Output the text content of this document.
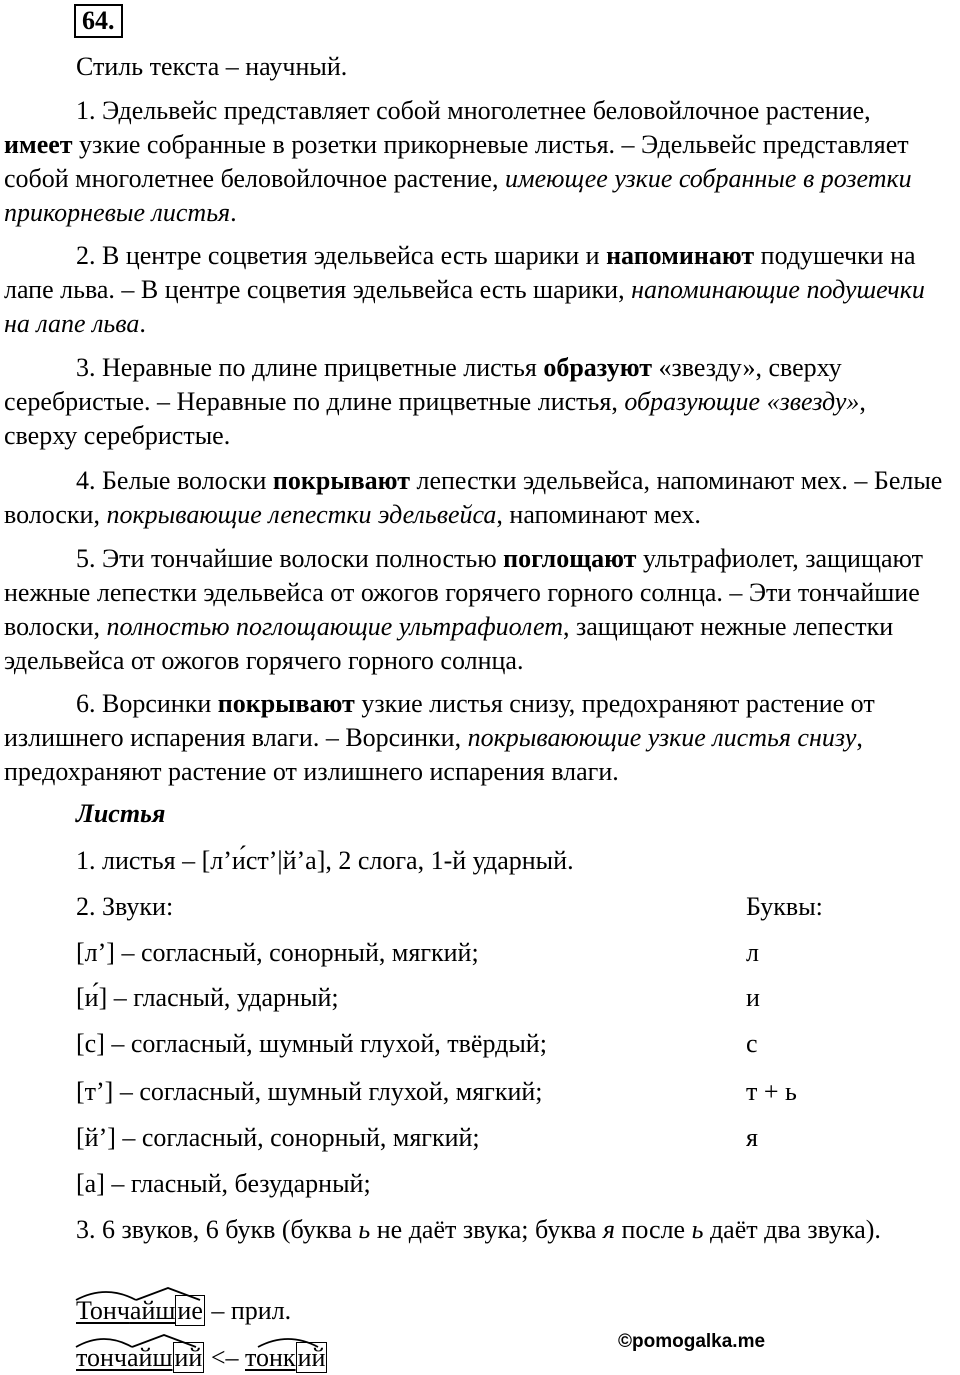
64.
Стиль текста – научный.
1. Эдельвейс представляет собой многолетнее беловойлочное растение, имеет узкие собранные в розетки прикорневые листья. – Эдельвейс представляет собой многолетнее беловойлочное растение, имеющее узкие собранные в розетки прикорневые листья.
2. В центре соцветия эдельвейса есть шарики и напоминают подушечки на лапе льва. – В центре соцветия эдельвейса есть шарики, напоминающие подушечки на лапе льва.
3. Неравные по длине прицветные листья образуют «звезду», сверху серебристые. – Неравные по длине прицветные листья, образующие «звезду», сверху серебристые.
4. Белые волоски покрывают лепестки эдельвейса, напоминают мех. – Белые волоски, покрывающие лепестки эдельвейса, напоминают мех.
5. Эти тончайшие волоски полностью поглощают ультрафиолет, защищают нежные лепестки эдельвейса от ожогов горячего горного солнца. – Эти тончайшие волоски, полностью поглощающие ультрафиолет, защищают нежные лепестки эдельвейса от ожогов горячего горного солнца.
6. Ворсинки покрывают узкие листья снизу, предохраняют растение от излишнего испарения влаги. – Ворсинки, покрываюющие узкие листья снизу, предохраняют растение от излишнего испарения влаги.
Листья
1. листья – [л’и́ст’|й’а], 2 слога, 1-й ударный.
2. Звуки:	Буквы:
[л’] – согласный, сонорный, мягкий;	л
[и́] – гласный, ударный;	и
[с] – согласный, шумный глухой, твёрдый;	с
[т’] – согласный, шумный глухой, мягкий;	т + ь
[й’] – согласный, сонорный, мягкий;	я
[а] – гласный, безударный;
3. 6 звуков, 6 букв (буква ь не даёт звука; буква я после ь даёт два звука).
Тончайшие – прил.
тончайший <– тонкий
©pomogalka.me
